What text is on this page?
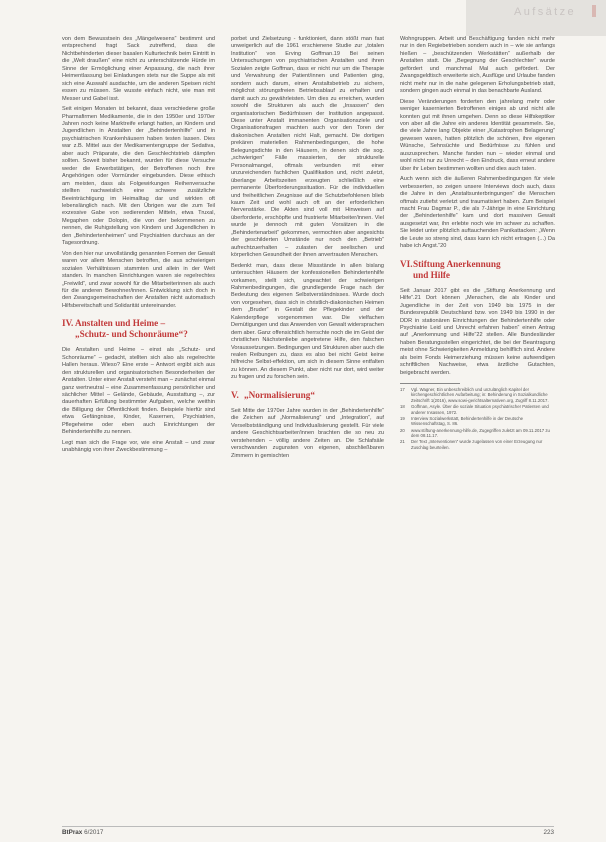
Aufsätze

von dem Bewusstsein des „Mängelwesens“ bestimmt und entsprechend fragt Sack zutreffend, dass die Nichtbehinderten dieser basalen Kulturtechnik beim Eintritt in die „Welt draußen“ eine nicht zu unterschätzende Hürde im Sinne der Ermöglichung einer Anpassung, die nach ihrer Heimentlassung bei Einladungen stets nur die Suppe als mit sich eine Auswahl ausdachte, um die anderen Speisen nicht essen zu müssen. Sie wusste einfach nicht, wie man mit Messer und Gabel isst.

Seit einigen Monaten ist bekannt, dass verschiedene große Pharmafirmen Medikamente, die in den 1950er und 1970er Jahren noch keine Marktreife erlangt hatten, an Kindern und Jugendlichen in Anstalten der „Behindertenhilfe“ und in psychiatrischen Krankenhäusern haben testen lassen. Dies war z.B. Mittel aus der Medikamentengruppe der Sedativa, aber auch Präparate, die den Geschlechtstrieb dämpfen sollten. Soweit bisher bekannt, wurden für diese Versuche weder die Erwerbstätigen, der Betroffenen noch ihre Angehörigen oder Vormünder eingebunden. Diese ethisch am meisten, dass als Folgewirkungen Reihenversuche stellten nachweislich eine schwere zusätzliche Beeinträchtigung im Heimalltag dar und wirkten oft lebenslänglich nach. Mit den Übrigen war die zum Teil exzessive Gabe von sedierenden Mitteln, etwa Truxal, Megaphen oder Dolopin, die von der bekommenen zu nennen, die Ruhigstellung von Kindern und Jugendlichen in den „Behindertenheimen“ und Psychiatrien durchaus an der Tagesordnung.

Von den hier nur unvollständig genannten Formen der Gewalt waren vor allem Menschen betroffen, die aus schwierigen sozialen Verhältnissen stammten und allein in der Welt standen. In manchen Einrichtungen waren sie regelrechtes „Freiwild“, und zwar sowohl für die Mitarbeiterinnen als auch für die anderen Bewohner/innen. Entwicklung sich doch in den Zwangsgemeinschaften der Anstalten nicht automatisch Hilfsbereitschaft und Solidarität untereinander.

IV. Anstalten und Heime –
„Schutz- und Schonräume“?

Die Anstalten und Heime – einst als „Schutz- und Schonräume“ – gedacht, stellten sich also als regelrechte Hallen heraus. Wieso? Eine erste – Antwort ergibt sich aus den strukturellen und organisatorischen Besonderheiten der Anstalten. Unter einer Anstalt versteht man – zunächst einmal ganz wertneutral – eine Zusammenfassung persönlicher und sächlicher Mittel – Gelände, Gebäude, Ausstattung –, zur dauerhaften Erfüllung bestimmter Aufgaben, welche weithin die Billigung der Öffentlichkeit finden. Beispiele hierfür sind etwa Gefängnisse, Kinder, Kasernen, Psychiatrien, Pflegeheime oder eben auch Einrichtungen der Behindertenhilfe zu nennen.

Legt man sich die Frage vor, wie eine Anstalt – und zwar unabhängig von ihrer Zweckbestimmung –

porbet und Zielsetzung - funktioniert, dann stößt man fast unweigerlich auf die 1961 erschienene Studie zur „totalen Institution“ von Erving Goffman.19 Bei seinen Untersuchungen von psychiatrischen Anstalten und ihren Sozialen zeigte Goffman, dass er nicht nur um die Therapie und Verwahrung der Patient/innen und Patienten ging, sondern auch darum, einen Anstaltsbetrieb zu sichern, möglichst störungsfreien Betriebsablauf zu erhalten und damit auch zu gewährleisten. Um dies zu erreichen, wurden sowohl die Strukturen als auch die „Insassen“ den organisatorischen Bedürfnissen der Institution angepasst. Diese unter Anstalt immanenten Organisationsziele und Organisationsfragen machten auch vor den Toren der diakonischen Anstalten nicht Halt, gemacht. Die dortigen prekären materiellen Rahmenbedingungen, die hohe Belegungsdichte in den Häusern, in denen sich die sog. „schwierigen“ Fälle massierten, der strukturelle Personalmangel, oftmals verbunden mit einer unzureichenden fachlichen Qualifikation und, nicht zuletzt, überlange Arbeitszeiten erzeugten schließlich eine permanente Überforderungssituation. Für die individuellen und freiheitlichen Zeugnisse auf die Schutzbefohlenen blieb kaum Zeit und wohl auch oft an der erforderlichen Nervenstärke. Die Akten sind voll mit Hinweisen auf überforderte, erschöpfte und frustrierte Mitarbeiter/innen. Viel wurde je dennoch mit guten Vorsätzen in die „Behindertenarbeit“ gekommen, vermochten aber angesichts der geschilderten Umstände nur noch den „Betrieb“ aufrechtzuerhalten – zulasten der seelischen und körperlichen Gesundheit der ihnen anvertrauten Menschen.

Bedenkt man, dass diese Missstände in allen bislang untersuchten Häusern der konfessionellen Behindertenhilfe vorkamen, stellt sich, ungeachtet der schwierigen Rahmenbedingungen, die grundlegende Frage nach der Bedeutung des eigenen Selbstverständnisses. Wurde doch von vorgesehen, dass sich in christlich-diakonischen Heimen dem „Bruder“ in Gestalt der Pflegekinder und der Kalenderpflege vorgenommen war. Die vielfachen Demütigungen und das Anwenden von Gewalt widersprachen dem aber. Ganz offensichtlich herrschte noch die im Geist der christlichen Nächstenliebe angetretene Hilfe, den falschen Voraussetzungen. Bedingungen und Strukturen aber auch die realen Reibungen zu, dass es also bei nicht Geist keine hilfreiche Selbst-effektion, um sich in diesem Sinne entfalten zu können. An diesem Punkt, aber nicht nur dort, wird weiter zu fragen und zu forschen sein.

V. „Normalisierung“

Seit Mitte der 1970er Jahre wurden in der „Behindertenhilfe“ die Zeichen auf „Normalisierung“ und „Integration“, auf Verselbstständigung und Individualisierung gestellt. Für viele andere Geschichtsarbeiter/innen brachten die so neu zu verstehenden – völlig andere Zeiten an. Die Schlafsäle verschwanden zugunsten von eigenen, abschließbaren Zimmern in gemischten

Wohngruppen. Arbeit und Beschäftigung fanden nicht mehr nur in den Regiebetrieben sondern auch in – wie sie anfangs hießen – „beschützenden Werkstätten“ außerhalb der Anstalten statt. Die „Begegnung der Geschlechter“ wurde gefördert und manchmal Mal auch gefördert. Der Zwangsgeldtisch erweiterte sich, Ausflüge und Urlaube fanden nicht mehr nur in die nahe gelegenen Erholungsbetrieb statt, sondern gingen auch einmal in das benachbarte Ausland.

Diese Veränderungen forderten den jahrelang mehr oder weniger kasernierten Betroffenen einiges ab und nicht alle konnten gut mit ihnen umgehen. Denn so diese Hilfskeptiker von aber all die Jahre ein anderes Identität gesammeln. Sie, die viele Jahre lang Objekte einer „Katastrophen Belagerung“ gewesen waren, hatten plötzlich die schönen, ihre eigenen Wünsche, Sehnsüchte und Bedürfnisse zu fühlen und auszusprechen. Manche fanden nun – wieder einmal und wohl nicht nur zu Unrecht – den Eindruck, dass erneut andere über ihr Leben bestimmen wollten und dies auch taten.

Auch wenn sich die äußeren Rahmenbedingungen für viele verbesserten, so zeigen unsere Interviews doch auch, dass die Jahre in den „Anstaltsunterbringungen“ die Menschen oftmals zutiefst verletzt und traumatisiert haben. Zum Beispiel macht Frau Dagmar P., die als 7-Jährige in eine Einrichtung der „Behindertenhilfe“ kam und dort massiven Gewalt ausgesetzt war, ihn erlebte noch wie im schwer zu schaffen. Sie leidet unter plötzlich auftauchenden Panikattacken: „Wenn die Leute so streng sind, dass kann ich nicht ertragen (...) Da habe ich Angst.“20

VI.Stiftung Anerkennung
und Hilfe

Seit Januar 2017 gibt es die „Stiftung Anerkennung und Hilfe“.21 Dort können „Menschen, die als Kinder und Jugendliche in der Zeit von 1949 bis 1975 in der Bundesrepublik Deutschland bzw. von 1949 bis 1990 in der DDR in stationären Einrichtungen der Behindertenhilfe oder Psychiatrie Leid und Unrecht erfahren haben“ einen Antrag auf „Anerkennung und Hilfe“22 stellen. Alle Bundesländer haben Beratungsstellen eingerichtet, die bei der Beantragung meist ohne Schwierigkeiten Anmeldung behilflich sind. Andere als beim Fonds Heimerziehung müssen keine aufwendigen schriftlichen Nachweise, etwa ärztliche Gutachten, beigebracht werden.

17	Vgl. Wagner, Ein unbeschreiblich und unzulänglich Kapitel der kirchengeschichtlichen Aufarbeitung; in: Behinderung in Sozialkundliche Zeitschrift 1(2016), www.sowi-gerichtsalternativen.org, Zugriff 8.11.2017.
18	Goffman, Asyle. Über die soziale Situation psychiatrischer Patienten und anderer Insassen, 1972.
19	Interview Sozialwerkstatt, Behindertenhilfe in der Deutsche Wissenschaftstag, S. 86.
20	www.stiftung-anerkennung-hilfe.de, Zugegriffen zuletzt am 09.11.2017 zu dem 08.11.17.
21	Der Text „Interventionen“ wurde zugelassen von einer Erzeugung nur Zuschlag beurteilen.
BtPrax 6/2017	223
